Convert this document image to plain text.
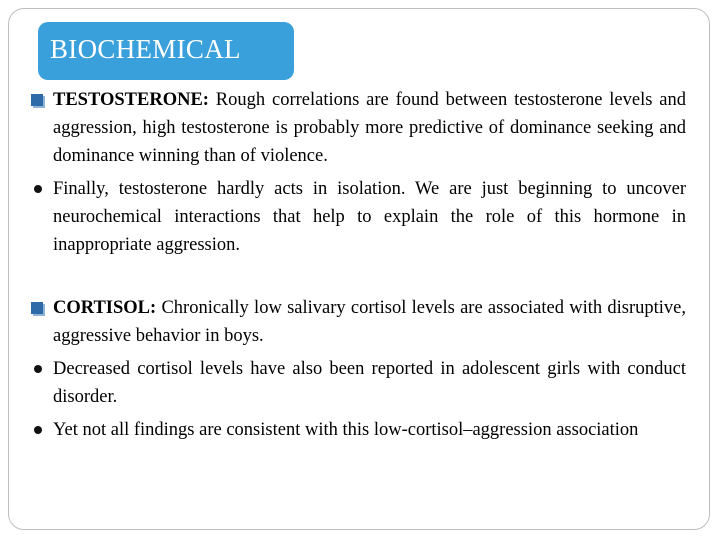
BIOCHEMICAL
TESTOSTERONE: Rough correlations are found between testosterone levels and aggression, high testosterone is probably more predictive of dominance seeking and dominance winning than of violence.
Finally, testosterone hardly acts in isolation. We are just beginning to uncover neurochemical interactions that help to explain the role of this hormone in inappropriate aggression.
CORTISOL: Chronically low salivary cortisol levels are associated with disruptive, aggressive behavior in boys.
Decreased cortisol levels have also been reported in adolescent girls with conduct disorder.
Yet not all findings are consistent with this low-cortisol–aggression association
